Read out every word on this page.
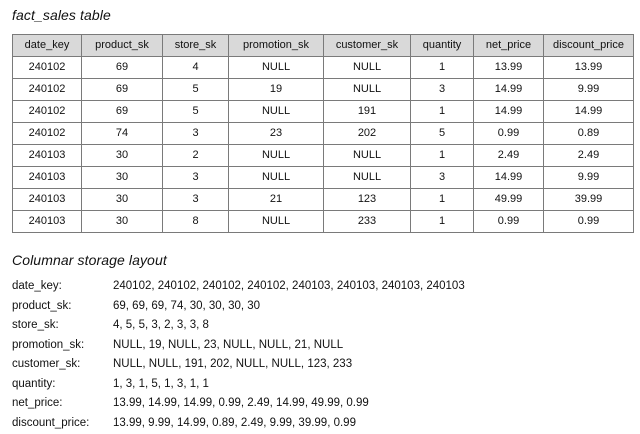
fact_sales table
date_key	product_sk	store_sk	promotion_sk	customer_sk	quantity	net_price	discount_price
240102	69	4	NULL	NULL	1	13.99	13.99
240102	69	5	19	NULL	3	14.99	9.99
240102	69	5	NULL	191	1	14.99	14.99
240102	74	3	23	202	5	0.99	0.89
240103	30	2	NULL	NULL	1	2.49	2.49
240103	30	3	NULL	NULL	3	14.99	9.99
240103	30	3	21	123	1	49.99	39.99
240103	30	8	NULL	233	1	0.99	0.99
Columnar storage layout
date_key:	240102, 240102, 240102, 240102, 240103, 240103, 240103, 240103
product_sk:	69, 69, 69, 74, 30, 30, 30, 30
store_sk:	4, 5, 5, 3, 2, 3, 3, 8
promotion_sk:	NULL, 19, NULL, 23, NULL, NULL, 21, NULL
customer_sk:	NULL, NULL, 191, 202, NULL, NULL, 123, 233
quantity:	1, 3, 1, 5, 1, 3, 1, 1
net_price:	13.99, 14.99, 14.99, 0.99, 2.49, 14.99, 49.99, 0.99
discount_price:	13.99, 9.99, 14.99, 0.89, 2.49, 9.99, 39.99, 0.99
